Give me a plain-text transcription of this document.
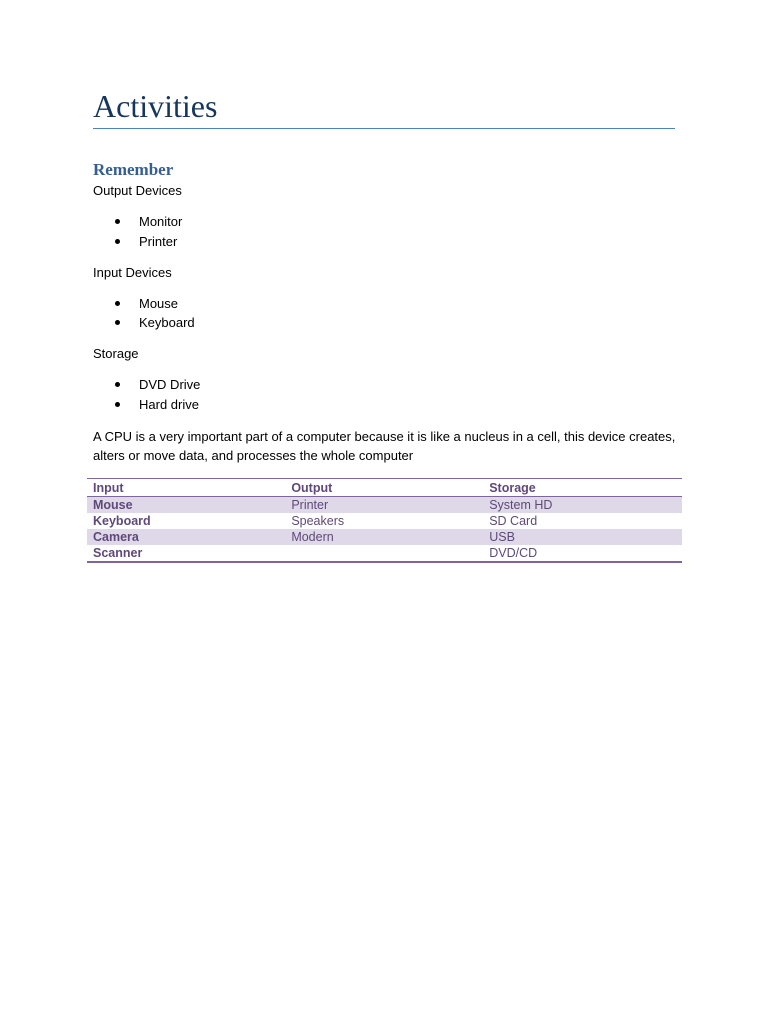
Activities
Remember

Output Devices

Monitor

Printer

Input Devices

Mouse

Keyboard

Storage

DVD Drive

Hard drive

A CPU is a very important part of a computer because it is like a nucleus in a cell, this device creates, alters or move data, and processes the whole computer

Input	Output	Storage
Mouse	Printer	System HD
Keyboard	Speakers	SD Card
Camera	Modern	USB
Scanner		DVD/CD
